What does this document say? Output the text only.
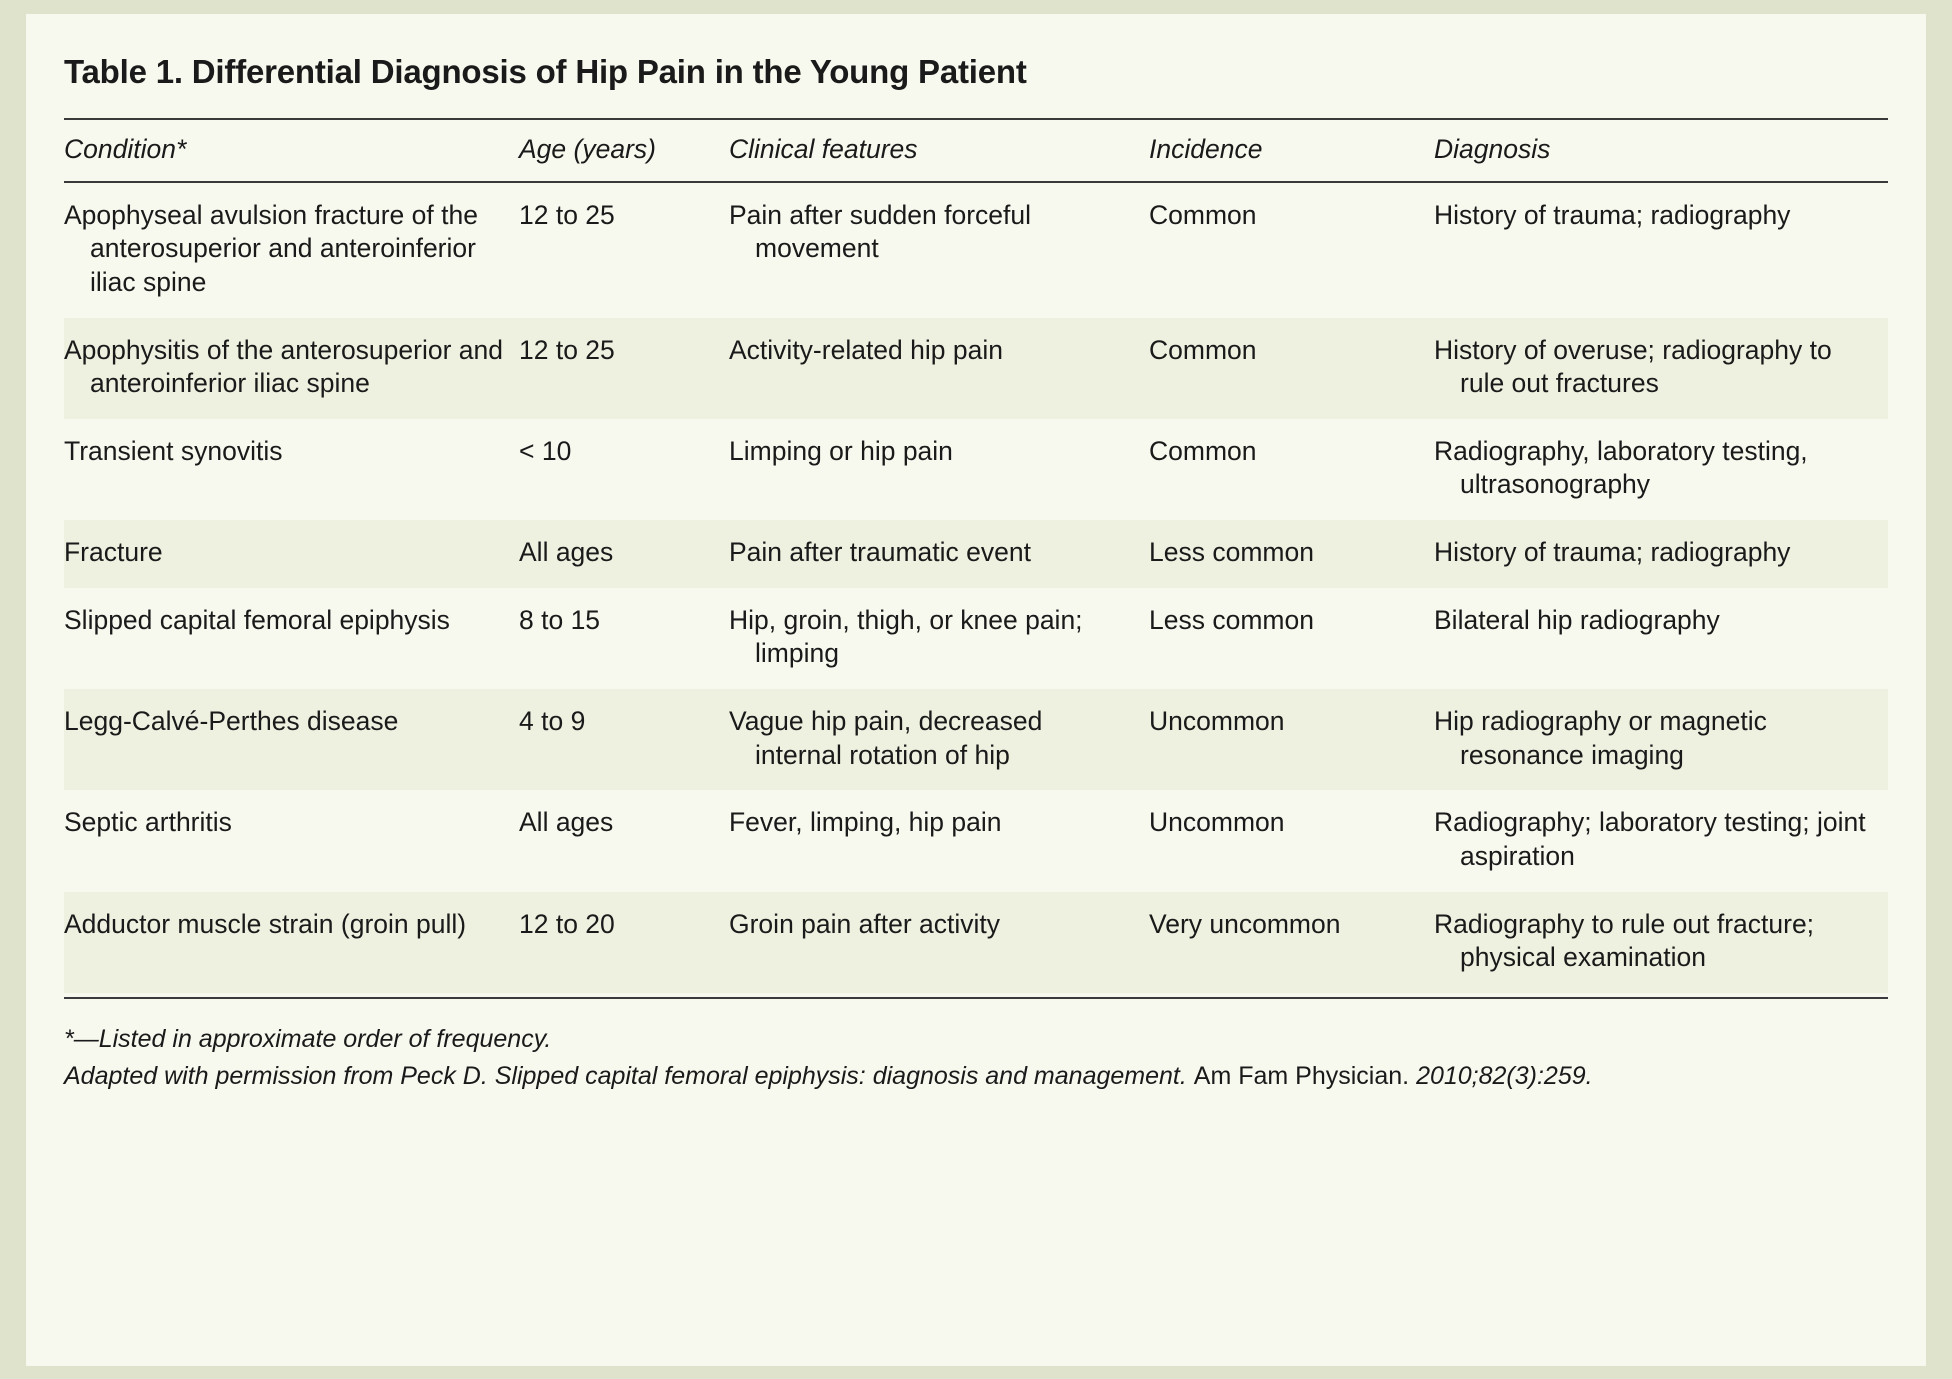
Table 1. Differential Diagnosis of Hip Pain in the Young Patient
Condition*	Age (years)	Clinical features	Incidence	Diagnosis

Apophyseal avulsion fracture of the anterosuperior and anteroinferior iliac spine	12 to 25	Pain after sudden forceful movement	Common	History of trauma; radiography

Apophysitis of the anterosuperior and anteroinferior iliac spine	12 to 25	Activity-related hip pain	Common	History of overuse; radiography to rule out fractures

Transient synovitis	< 10	Limping or hip pain	Common	Radiography, laboratory testing, ultrasonography

Fracture	All ages	Pain after traumatic event	Less common	History of trauma; radiography

Slipped capital femoral epiphysis	8 to 15	Hip, groin, thigh, or knee pain; limping	Less common	Bilateral hip radiography

Legg-Calvé-Perthes disease	4 to 9	Vague hip pain, decreased internal rotation of hip	Uncommon	Hip radiography or magnetic resonance imaging

Septic arthritis	All ages	Fever, limping, hip pain	Uncommon	Radiography; laboratory testing; joint aspiration

Adductor muscle strain (groin pull)	12 to 20	Groin pain after activity	Very uncommon	Radiography to rule out fracture; physical examination
*—Listed in approximate order of frequency.
Adapted with permission from Peck D. Slipped capital femoral epiphysis: diagnosis and management. Am Fam Physician. 2010;82(3):259.
